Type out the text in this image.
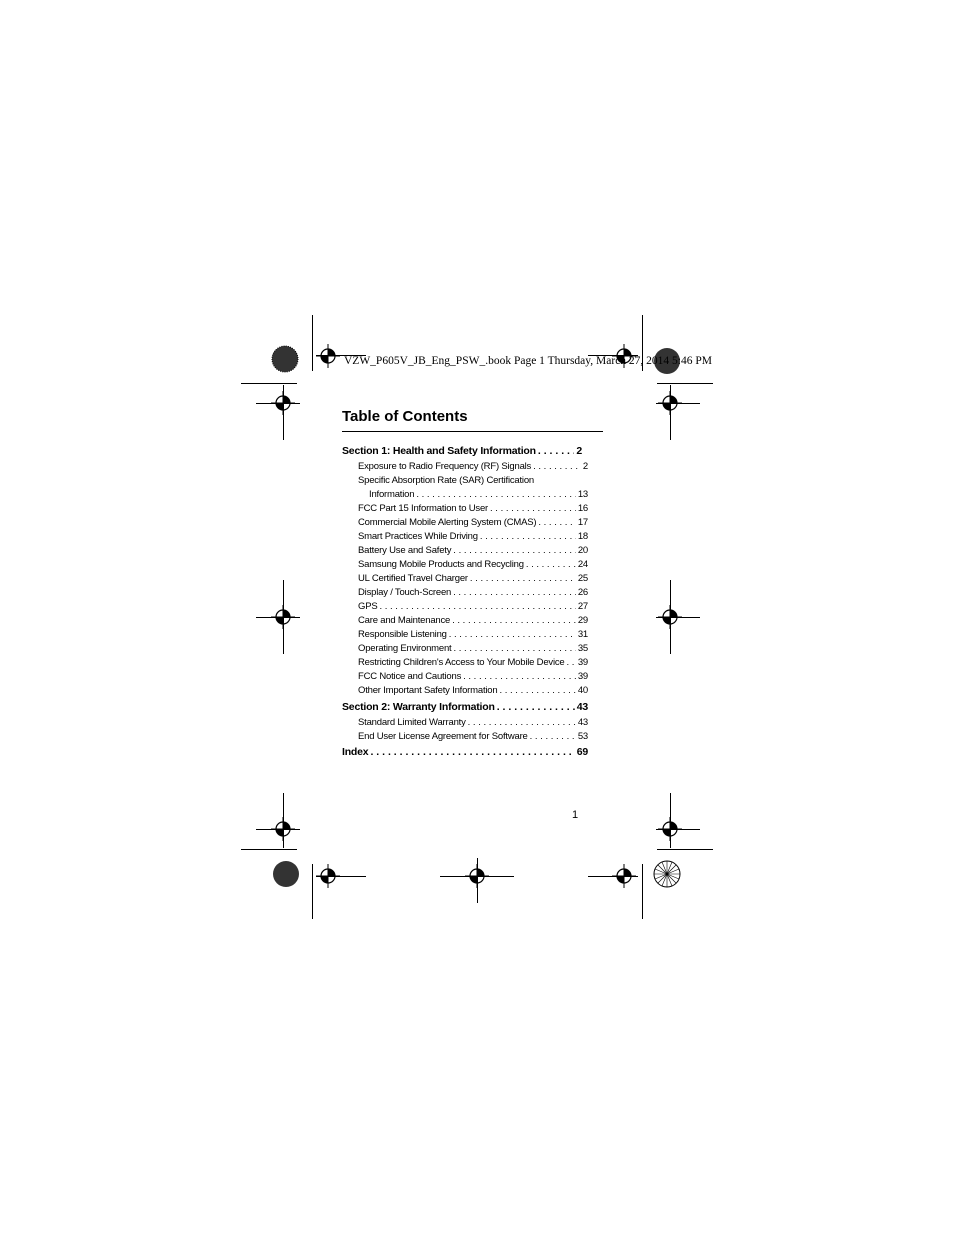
VZW_P605V_JB_Eng_PSW_.book Page 1 Thursday, March 27, 2014 5:46 PM
Table of Contents
Section 1: Health and Safety Information . . .	2
Exposure to Radio Frequency (RF) Signals . . .	2
Specific Absorption Rate (SAR) Certification
Information . . .	13
FCC Part 15 Information to User . . .	16
Commercial Mobile Alerting System (CMAS) . . .	17
Smart Practices While Driving . . .	18
Battery Use and Safety . . .	20
Samsung Mobile Products and Recycling . . .	24
UL Certified Travel Charger . . .	25
Display / Touch-Screen . . .	26
GPS . . .	27
Care and Maintenance . . .	29
Responsible Listening . . .	31
Operating Environment . . .	35
Restricting Children's Access to Your Mobile Device . . . 39
FCC Notice and Cautions . . .	39
Other Important Safety Information . . .	40
Section 2: Warranty Information . . .	43
Standard Limited Warranty . . .	43
End User License Agreement for Software . . .	53
Index . . .	69
1
